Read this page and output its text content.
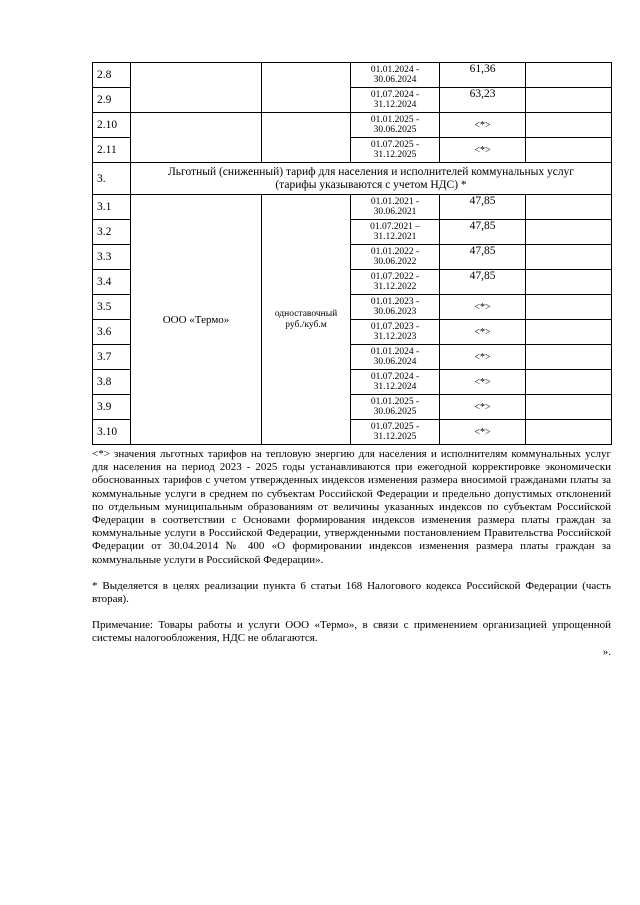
2.8			01.01.2024 -
30.06.2024	61,36	
2.9			01.07.2024 -
31.12.2024	63,23	
2.10			01.01.2025 -
30.06.2025	<*>	
2.11			01.07.2025 -
31.12.2025	<*>	
3.	Льготный (сниженный) тариф для населения и исполнителей коммунальных услуг
(тарифы указываются с учетом НДС) *				
3.1	ООО «Термо»	одноставочный
руб./куб.м	01.01.2021 -
30.06.2021	47,85	
3.2			01.07.2021 –
31.12.2021	47,85	
3.3			01.01.2022 -
30.06.2022	47,85	
3.4			01.07.2022 -
31.12.2022	47,85	
3.5			01.01.2023 -
30.06.2023	<*>	
3.6			01.07.2023 -
31.12.2023	<*>	
3.7			01.01.2024 -
30.06.2024	<*>	
3.8			01.07.2024 -
31.12.2024	<*>	
3.9			01.01.2025 -
30.06.2025	<*>	
3.10			01.07.2025 -
31.12.2025	<*>	

<*> значения льготных тарифов на тепловую энергию для населения и исполнителям коммунальных услуг для населения на период 2023 - 2025 годы устанавливаются при ежегодной корректировке экономически обоснованных тарифов с учетом утвержденных индексов изменения размера вносимой гражданами платы за коммунальные услуги в среднем по субъектам Российской Федерации и предельно допустимых отклонений по отдельным муниципальным образованиям от величины указанных индексов по субъектам Российской Федерации в соответствии с Основами формирования индексов изменения размера платы граждан за коммунальные услуги в Российской Федерации, утвержденными постановлением Правительства Российской Федерации от 30.04.2014 № 400 «О формировании индексов изменения размера платы граждан за коммунальные услуги в Российской Федерации».

* Выделяется в целях реализации пункта 6 статьи 168 Налогового кодекса Российской Федерации (часть вторая).

Примечание: Товары работы и услуги ООО «Термо», в связи с применением организацией упрощенной системы налогообложения, НДС не облагаются.

».
